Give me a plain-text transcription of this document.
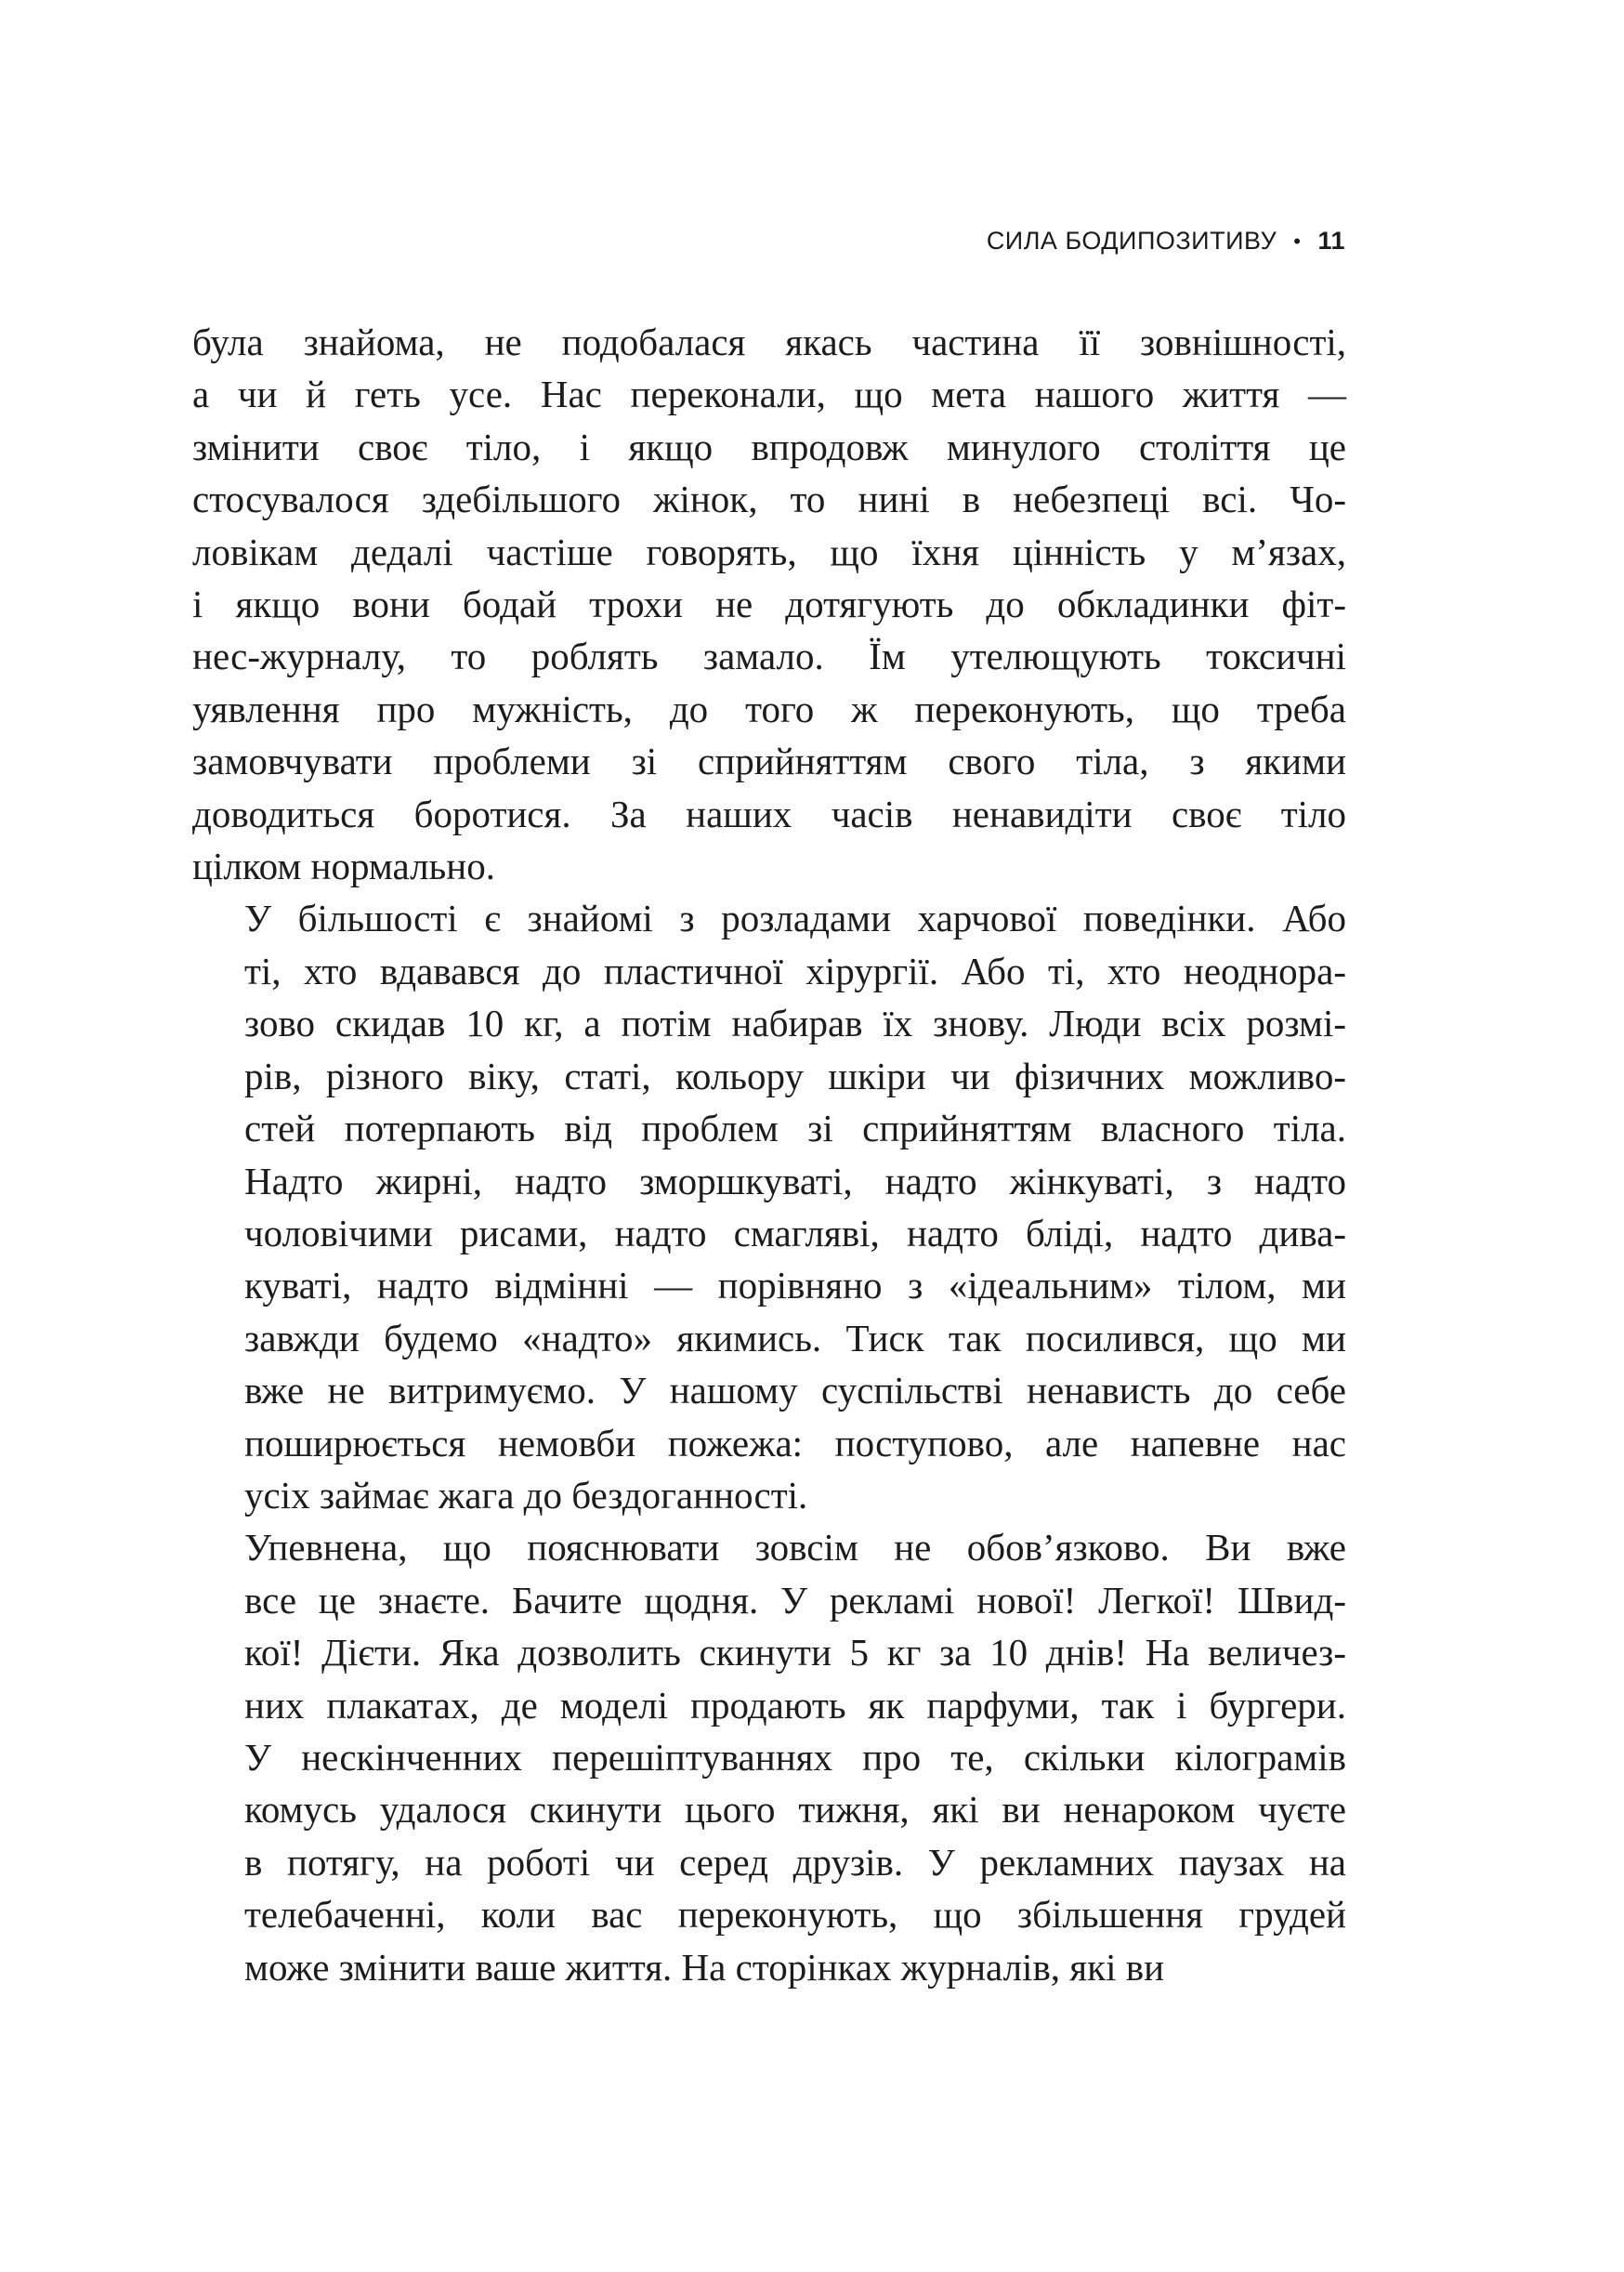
СИЛА БОДИПОЗИТИВУ • 11

була знайома, не подобалася якась частина її зовнішності,
а чи й геть усе. Нас переконали, що мета нашого життя —
змінити своє тіло, і якщо впродовж минулого століття це
стосувалося здебільшого жінок, то нині в небезпеці всі. Чо-
ловікам дедалі частіше говорять, що їхня цінність у м’язах,
і якщо вони бодай трохи не дотягують до обкладинки фіт-
нес-журналу, то роблять замало. Їм утелющують токсичні
уявлення про мужність, до того ж переконують, що треба
замовчувати проблеми зі сприйняттям свого тіла, з якими
доводиться боротися. За наших часів ненавидіти своє тіло
цілком нормально.

У більшості є знайомі з розладами харчової поведінки. Або
ті, хто вдавався до пластичної хірургії. Або ті, хто неоднора-
зово скидав 10 кг, а потім набирав їх знову. Люди всіх розмі-
рів, різного віку, статі, кольору шкіри чи фізичних можливо-
стей потерпають від проблем зі сприйняттям власного тіла.
Надто жирні, надто зморшкуваті, надто жінкуваті, з надто
чоловічими рисами, надто смагляві, надто бліді, надто дива-
куваті, надто відмінні — порівняно з «ідеальним» тілом, ми
завжди будемо «надто» якимись. Тиск так посилився, що ми
вже не витримуємо. У нашому суспільстві ненависть до себе
поширюється немовби пожежа: поступово, але напевне нас
усіх займає жага до бездоганності.

Упевнена, що пояснювати зовсім не обов’язково. Ви вже
все це знаєте. Бачите щодня. У рекламі нової! Легкої! Швид-
кої! Дієти. Яка дозволить скинути 5 кг за 10 днів! На величез-
них плакатах, де моделі продають як парфуми, так і бургери.
У нескінченних перешіптуваннях про те, скільки кілограмів
комусь удалося скинути цього тижня, які ви ненароком чуєте
в потягу, на роботі чи серед друзів. У рекламних паузах на
телебаченні, коли вас переконують, що збільшення грудей
може змінити ваше життя. На сторінках журналів, які ви
